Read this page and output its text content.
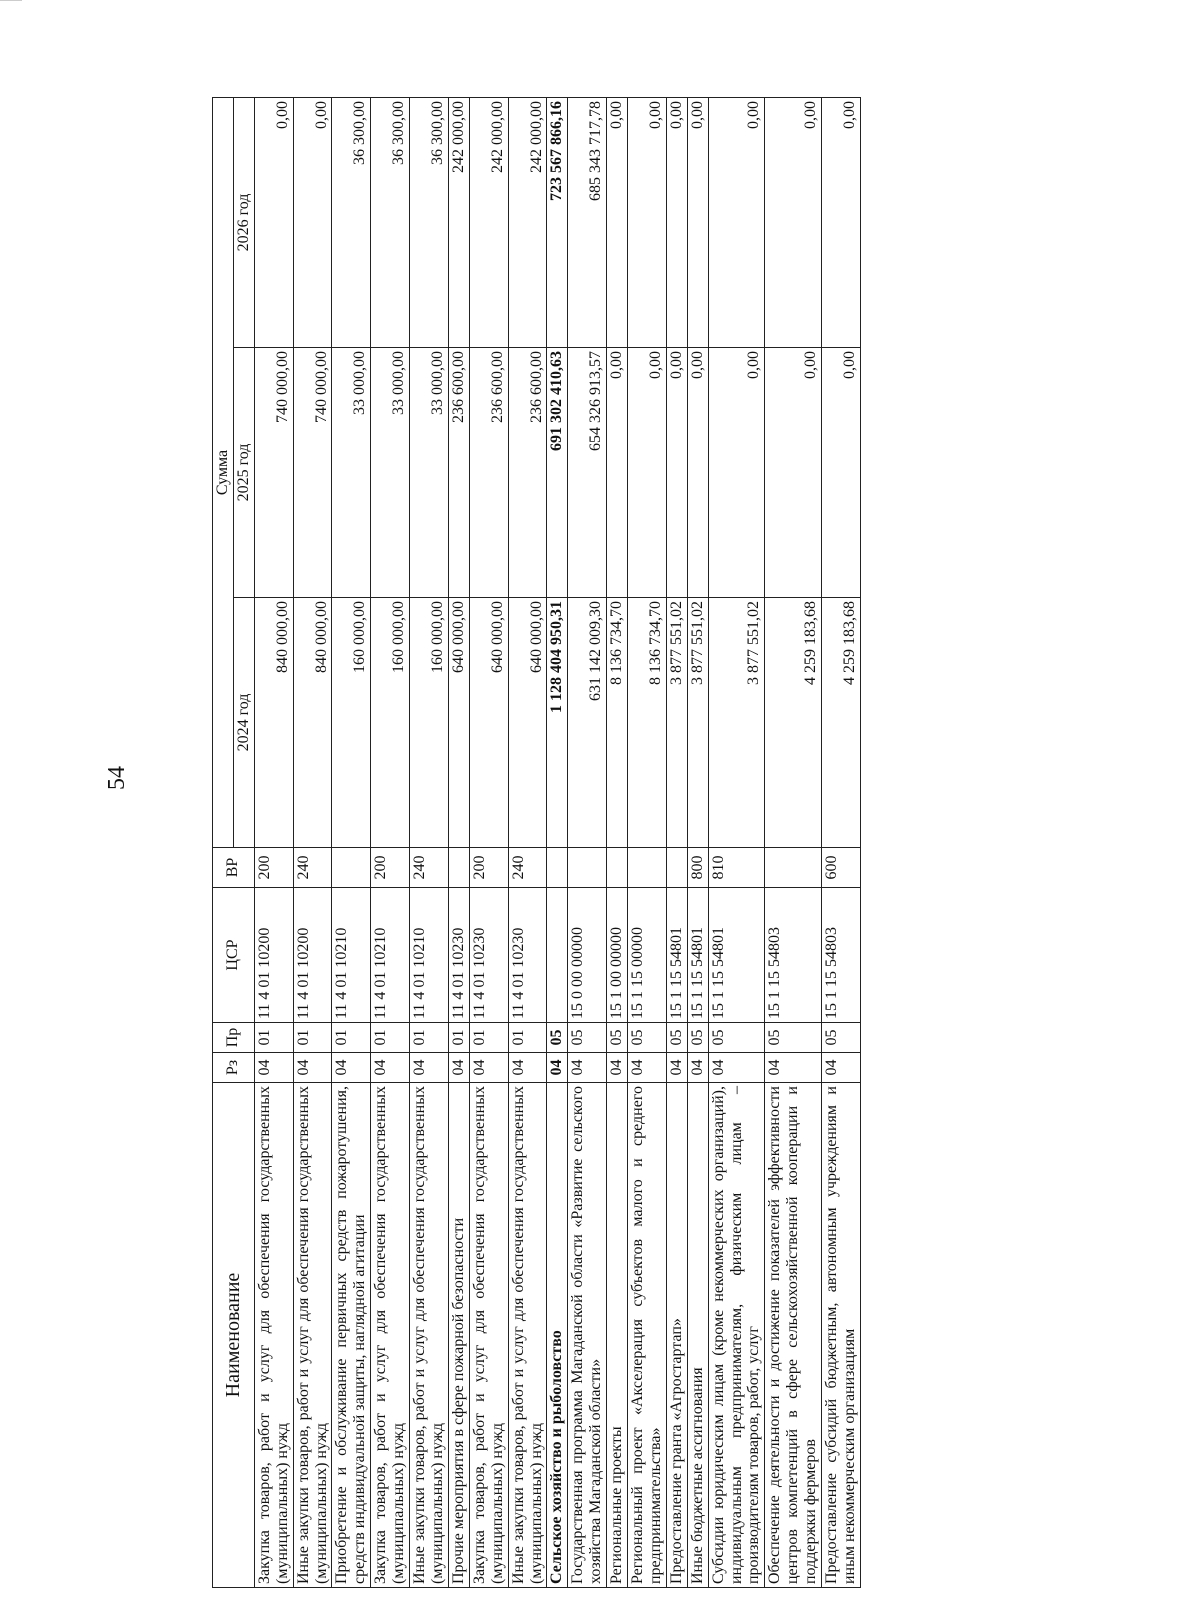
54
Наименование	Рз	Пр	ЦСР	ВР	Сумма		
					2024 год	2025 год	2026 год
Закупка товаров, работ и услуг для обеспечения государственных (муниципальных) нужд	04	01	11 4 01 10200	200	840 000,00	740 000,00	0,00
Иные закупки товаров, работ и услуг для обеспечения государственных (муниципальных) нужд	04	01	11 4 01 10200	240	840 000,00	740 000,00	0,00
Приобретение и обслуживание первичных средств пожаротушения, средств индивидуальной защиты, наглядной агитации	04	01	11 4 01 10210		160 000,00	33 000,00	36 300,00
Закупка товаров, работ и услуг для обеспечения государственных (муниципальных) нужд	04	01	11 4 01 10210	200	160 000,00	33 000,00	36 300,00
Иные закупки товаров, работ и услуг для обеспечения государственных (муниципальных) нужд	04	01	11 4 01 10210	240	160 000,00	33 000,00	36 300,00
Прочие мероприятия в сфере пожарной безопасности	04	01	11 4 01 10230		640 000,00	236 600,00	242 000,00
Закупка товаров, работ и услуг для обеспечения государственных (муниципальных) нужд	04	01	11 4 01 10230	200	640 000,00	236 600,00	242 000,00
Иные закупки товаров, работ и услуг для обеспечения государственных (муниципальных) нужд	04	01	11 4 01 10230	240	640 000,00	236 600,00	242 000,00
Сельское хозяйство и рыболовство	04	05			1 128 404 950,31	691 302 410,63	723 567 866,16
Государственная программа Магаданской области «Развитие сельского хозяйства Магаданской области»	04	05	15 0 00 00000		631 142 009,30	654 326 913,57	685 343 717,78
Региональные проекты	04	05	15 1 00 00000		8 136 734,70	0,00	0,00
Региональный проект «Акселерация субъектов малого и среднего предпринимательства»	04	05	15 1 15 00000		8 136 734,70	0,00	0,00
Предоставление гранта «Агростартап»	04	05	15 1 15 54801		3 877 551,02	0,00	0,00
Иные бюджетные ассигнования	04	05	15 1 15 54801	800	3 877 551,02	0,00	0,00
Субсидии юридическим лицам (кроме некоммерческих организаций), индивидуальным предпринимателям, физическим лицам – производителям товаров, работ, услуг	04	05	15 1 15 54801	810	3 877 551,02	0,00	0,00
Обеспечение деятельности и достижение показателей эффективности центров компетенций в сфере сельскохозяйственной кооперации и поддержки фермеров	04	05	15 1 15 54803		4 259 183,68	0,00	0,00
Предоставление субсидий бюджетным, автономным учреждениям и иным некоммерческим организациям	04	05	15 1 15 54803	600	4 259 183,68	0,00	0,00
